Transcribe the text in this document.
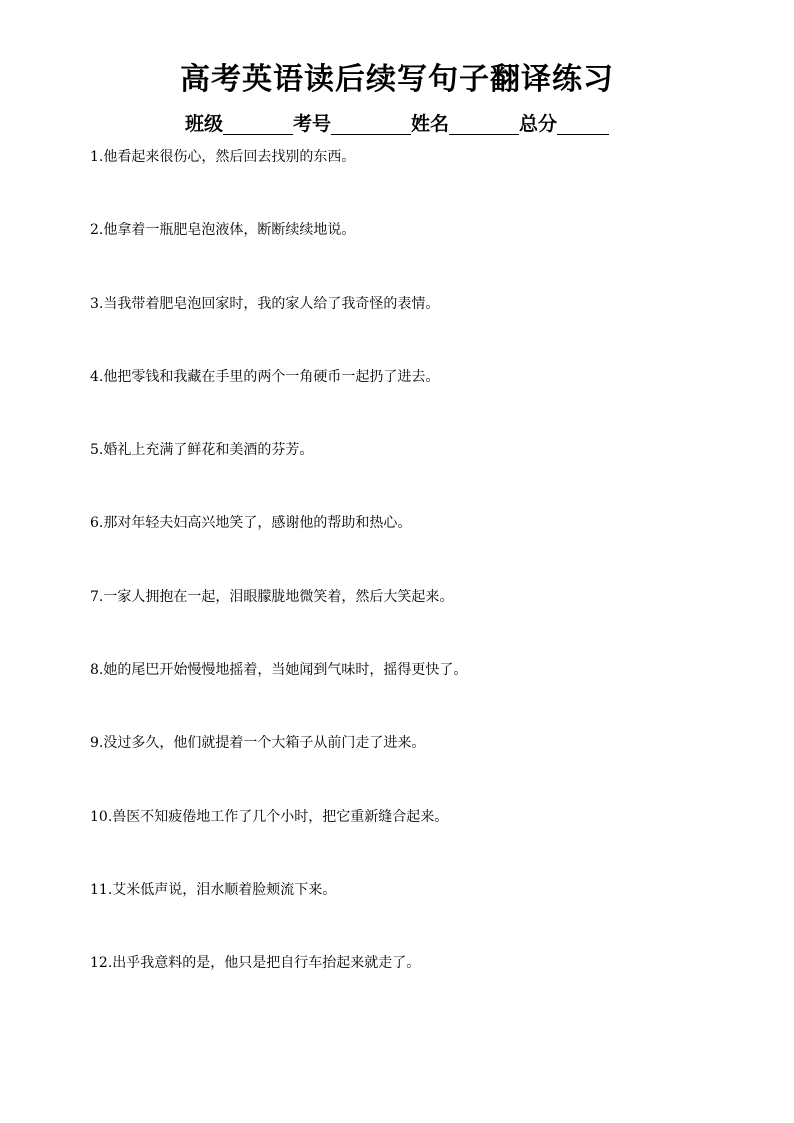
高考英语读后续写句子翻译练习
班级	考号	姓名	总分
1.他看起来很伤心，然后回去找别的东西。
2.他拿着一瓶肥皂泡液体，断断续续地说。
3.当我带着肥皂泡回家时，我的家人给了我奇怪的表情。
4.他把零钱和我藏在手里的两个一角硬币一起扔了进去。
5.婚礼上充满了鲜花和美酒的芬芳。
6.那对年轻夫妇高兴地笑了，感谢他的帮助和热心。
7.一家人拥抱在一起，泪眼朦胧地微笑着，然后大笑起来。
8.她的尾巴开始慢慢地摇着，当她闻到气味时，摇得更快了。
9.没过多久，他们就提着一个大箱子从前门走了进来。
10.兽医不知疲倦地工作了几个小时，把它重新缝合起来。
11.艾米低声说，泪水顺着脸颊流下来。
12.出乎我意料的是，他只是把自行车抬起来就走了。
